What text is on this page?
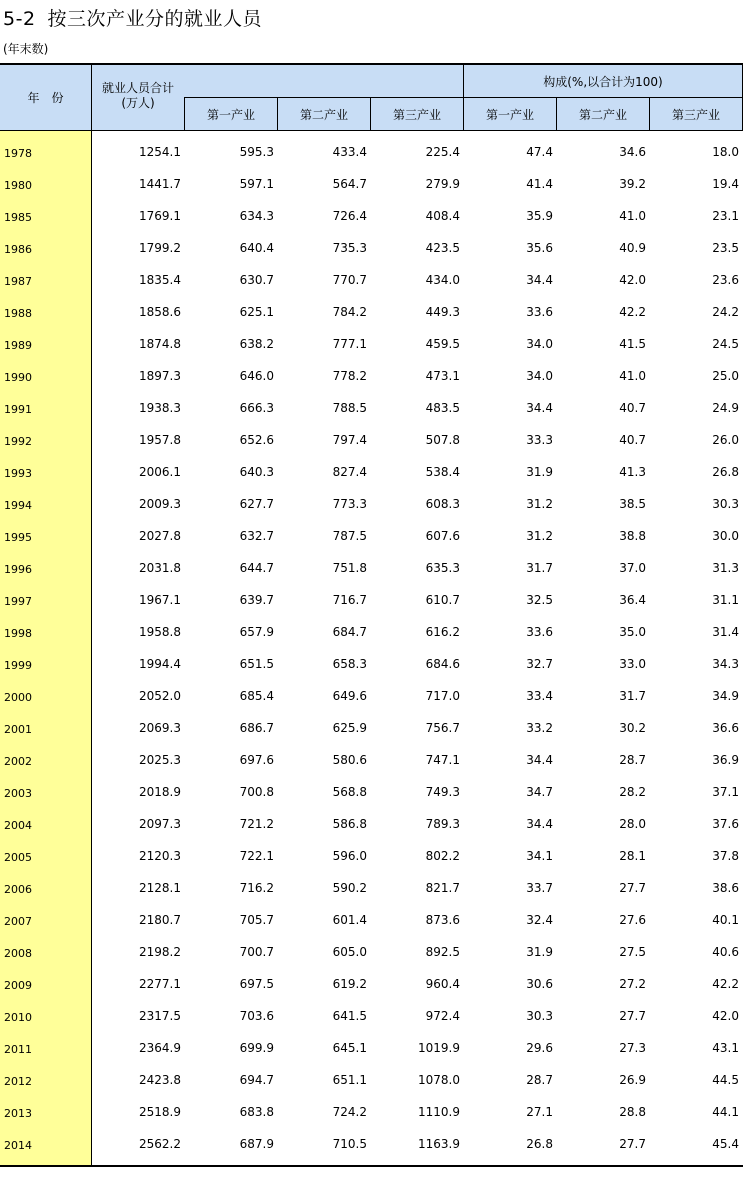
5-2 按三次产业分的就业人员
(年末数)
年　份
就业人员合计
(万人)
构成(%,以合计为100)
第一产业	第二产业	第三产业	第一产业	第二产业	第三产业
1978	1254.1	595.3	433.4	225.4	47.4	34.6	18.0
1980	1441.7	597.1	564.7	279.9	41.4	39.2	19.4
1985	1769.1	634.3	726.4	408.4	35.9	41.0	23.1
1986	1799.2	640.4	735.3	423.5	35.6	40.9	23.5
1987	1835.4	630.7	770.7	434.0	34.4	42.0	23.6
1988	1858.6	625.1	784.2	449.3	33.6	42.2	24.2
1989	1874.8	638.2	777.1	459.5	34.0	41.5	24.5
1990	1897.3	646.0	778.2	473.1	34.0	41.0	25.0
1991	1938.3	666.3	788.5	483.5	34.4	40.7	24.9
1992	1957.8	652.6	797.4	507.8	33.3	40.7	26.0
1993	2006.1	640.3	827.4	538.4	31.9	41.3	26.8
1994	2009.3	627.7	773.3	608.3	31.2	38.5	30.3
1995	2027.8	632.7	787.5	607.6	31.2	38.8	30.0
1996	2031.8	644.7	751.8	635.3	31.7	37.0	31.3
1997	1967.1	639.7	716.7	610.7	32.5	36.4	31.1
1998	1958.8	657.9	684.7	616.2	33.6	35.0	31.4
1999	1994.4	651.5	658.3	684.6	32.7	33.0	34.3
2000	2052.0	685.4	649.6	717.0	33.4	31.7	34.9
2001	2069.3	686.7	625.9	756.7	33.2	30.2	36.6
2002	2025.3	697.6	580.6	747.1	34.4	28.7	36.9
2003	2018.9	700.8	568.8	749.3	34.7	28.2	37.1
2004	2097.3	721.2	586.8	789.3	34.4	28.0	37.6
2005	2120.3	722.1	596.0	802.2	34.1	28.1	37.8
2006	2128.1	716.2	590.2	821.7	33.7	27.7	38.6
2007	2180.7	705.7	601.4	873.6	32.4	27.6	40.1
2008	2198.2	700.7	605.0	892.5	31.9	27.5	40.6
2009	2277.1	697.5	619.2	960.4	30.6	27.2	42.2
2010	2317.5	703.6	641.5	972.4	30.3	27.7	42.0
2011	2364.9	699.9	645.1	1019.9	29.6	27.3	43.1
2012	2423.8	694.7	651.1	1078.0	28.7	26.9	44.5
2013	2518.9	683.8	724.2	1110.9	27.1	28.8	44.1
2014	2562.2	687.9	710.5	1163.9	26.8	27.7	45.4
